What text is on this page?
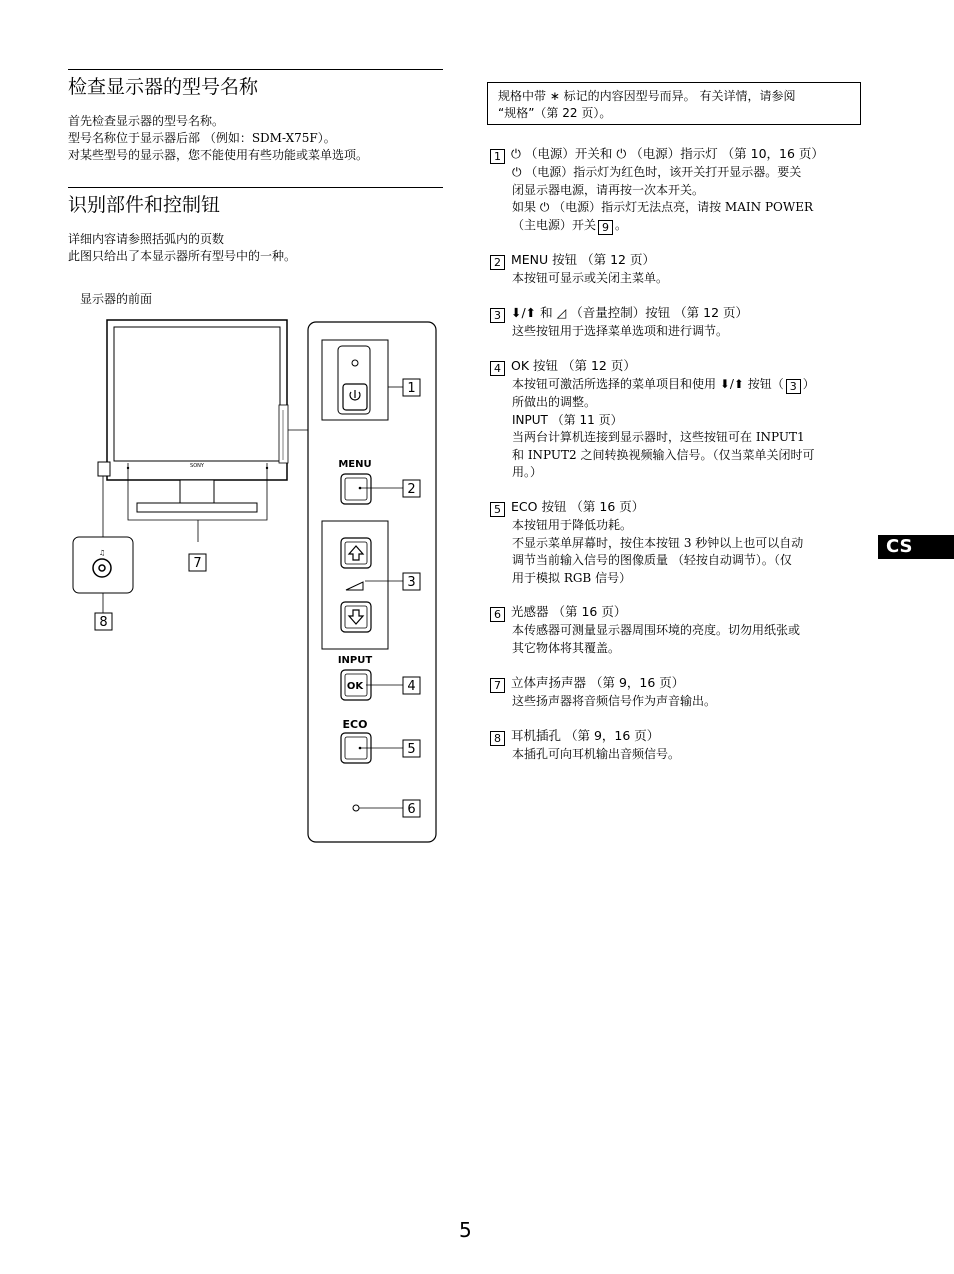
检查显示器的型号名称
首先检查显示器的型号名称。
型号名称位于显示器后部 （例如：SDM-X75F）。
对某些型号的显示器，您不能使用有些功能或菜单选项。
识别部件和控制钮
详细内容请参照括弧内的页数
此图只给出了本显示器所有型号中的一种。
显示器的前面
♫
SONY	MENU
INPUT
OK
ECO
1
2
3
4
5
6
7
8
规格中带 ∗ 标记的内容因型号而异。 有关详情，请参阅
“规格”（第 22 页）。
1 ⏻ （电源）开关和 ⏻ （电源）指示灯 （第 10，16 页）
⏻ （电源）指示灯为红色时，该开关打开显示器。要关
闭显示器电源，请再按一次本开关。
如果 ⏻ （电源）指示灯无法点亮，请按 MAIN POWER
（主电源）开关 9 。
2 MENU 按钮 （第 12 页）
本按钮可显示或关闭主菜单。
3 ⬇/⬆ 和 ◿ （音量控制）按钮 （第 12 页）
这些按钮用于选择菜单选项和进行调节。
4 OK 按钮 （第 12 页）
本按钮可激活所选择的菜单项目和使用 ⬇/⬆ 按钮（ 3 ）
所做出的调整。
INPUT （第 11 页）
当两台计算机连接到显示器时，这些按钮可在 INPUT1
和 INPUT2 之间转换视频输入信号。（仅当菜单关闭时可
用。）
5 ECO 按钮 （第 16 页）
本按钮用于降低功耗。
不显示菜单屏幕时，按住本按钮 3 秒钟以上也可以自动
调节当前输入信号的图像质量 （轻按自动调节）。（仅
用于模拟 RGB 信号）
6 光感器 （第 16 页）
本传感器可测量显示器周围环境的亮度。切勿用纸张或
其它物体将其覆盖。
7 立体声扬声器 （第 9，16 页）
这些扬声器将音频信号作为声音输出。
8 耳机插孔 （第 9，16 页）
本插孔可向耳机输出音频信号。
CS
5
